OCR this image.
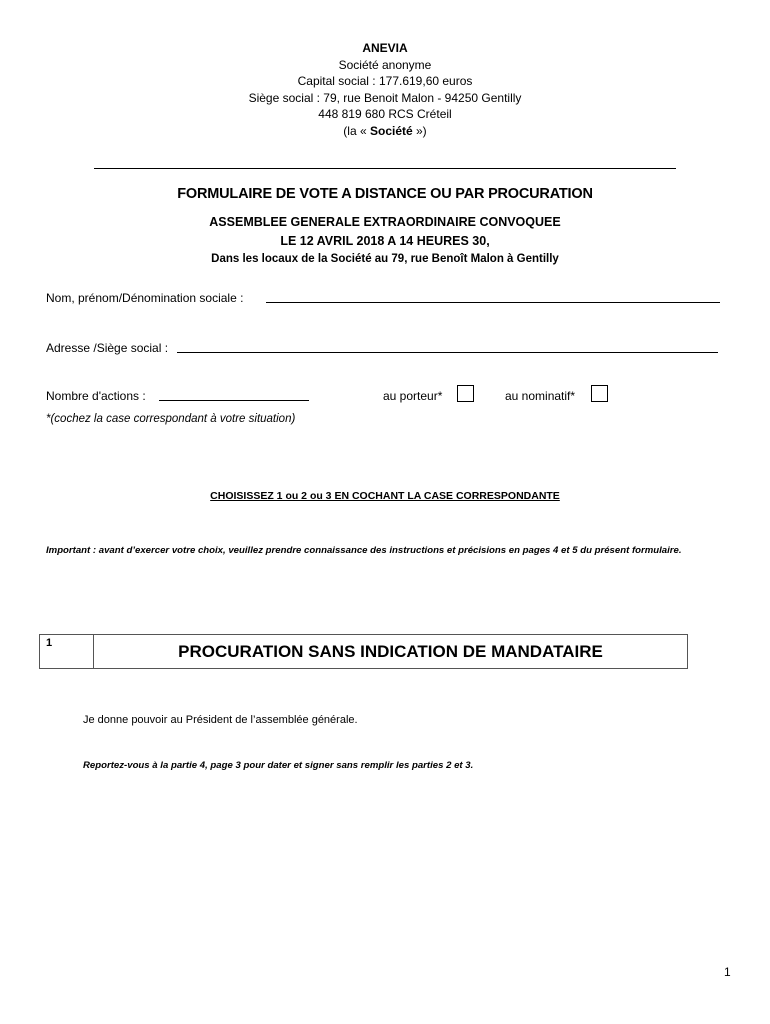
ANEVIA
Société anonyme
Capital social : 177.619,60 euros
Siège social : 79, rue Benoit Malon - 94250 Gentilly
448 819 680 RCS Créteil
(la « Société »)
FORMULAIRE DE VOTE A DISTANCE OU PAR PROCURATION
ASSEMBLEE GENERALE EXTRAORDINAIRE CONVOQUEE
LE 12 AVRIL 2018 A 14 HEURES 30,
Dans les locaux de la Société au 79, rue Benoît Malon à Gentilly
Nom, prénom/Dénomination sociale :
Adresse /Siège social :
Nombre d'actions :	au porteur*	au nominatif*
*(cochez la case correspondant à votre situation)
CHOISISSEZ 1 ou 2 ou 3 EN COCHANT LA CASE CORRESPONDANTE
Important : avant d’exercer votre choix, veuillez prendre connaissance des instructions et précisions en pages 4 et 5 du présent formulaire.
1	PROCURATION SANS INDICATION DE MANDATAIRE
Je donne pouvoir au Président de l’assemblée générale.
Reportez-vous à la partie 4, page 3 pour dater et signer sans remplir les parties 2 et 3.
1
